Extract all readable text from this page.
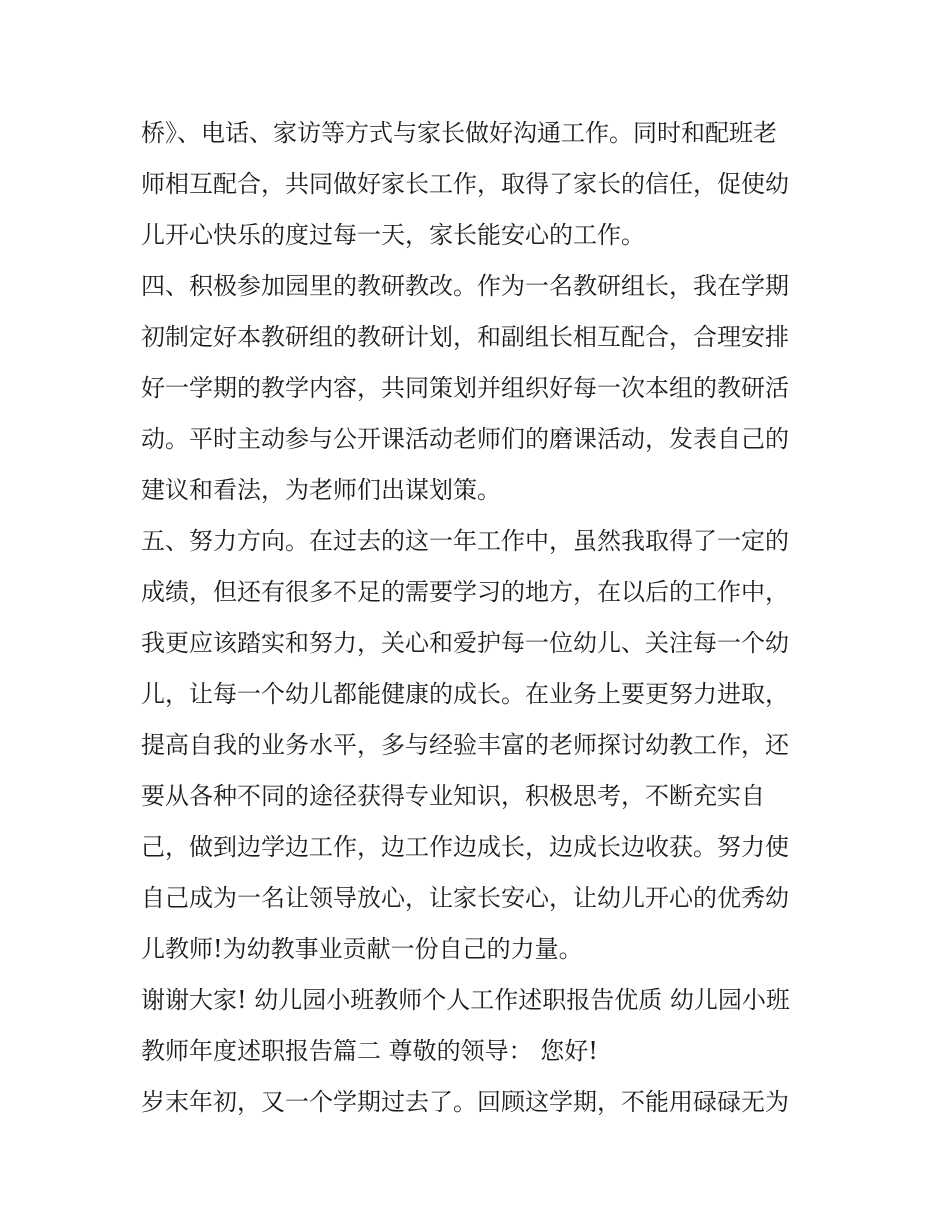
桥》、电话、家访等方式与家长做好沟通工作。同时和配班老
师相互配合，共同做好家长工作，取得了家长的信任，促使幼
儿开心快乐的度过每一天，家长能安心的工作。
四、积极参加园里的教研教改。作为一名教研组长，我在学期
初制定好本教研组的教研计划，和副组长相互配合，合理安排
好一学期的教学内容，共同策划并组织好每一次本组的教研活
动。平时主动参与公开课活动老师们的磨课活动，发表自己的
建议和看法，为老师们出谋划策。
五、努力方向。在过去的这一年工作中，虽然我取得了一定的
成绩，但还有很多不足的需要学习的地方，在以后的工作中，
我更应该踏实和努力，关心和爱护每一位幼儿、关注每一个幼
儿，让每一个幼儿都能健康的成长。在业务上要更努力进取，
提高自我的业务水平，多与经验丰富的老师探讨幼教工作，还
要从各种不同的途径获得专业知识，积极思考，不断充实自
己，做到边学边工作，边工作边成长，边成长边收获。努力使
自己成为一名让领导放心，让家长安心，让幼儿开心的优秀幼
儿教师!为幼教事业贡献一份自己的力量。
谢谢大家! 幼儿园小班教师个人工作述职报告优质 幼儿园小班
教师年度述职报告篇二 尊敬的领导： 您好!
岁末年初，又一个学期过去了。回顾这学期，不能用碌碌无为
